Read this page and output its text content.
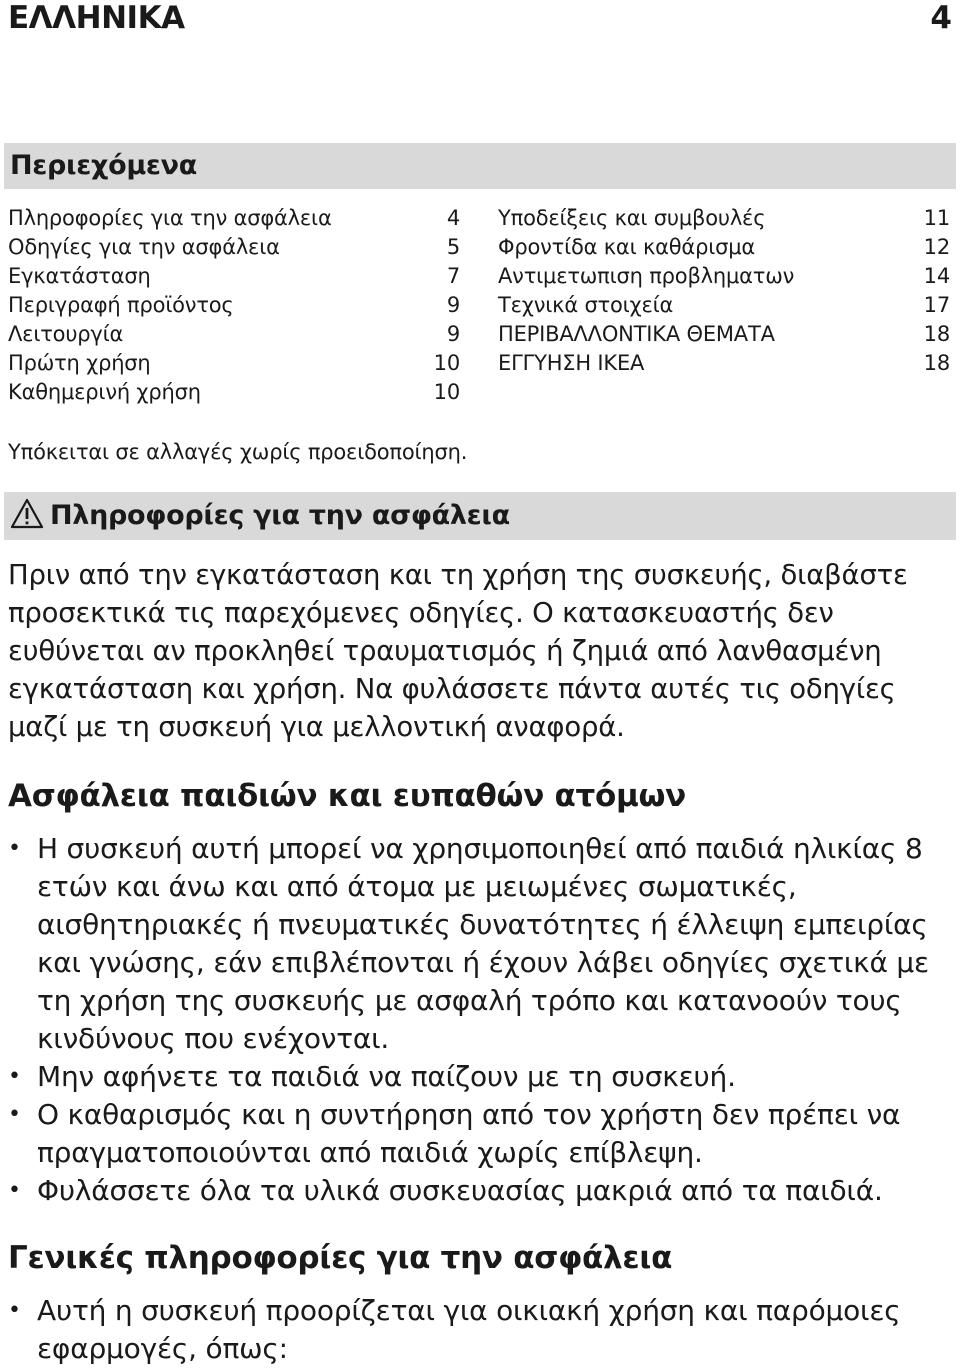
ΕΛΛΗΝΙΚΑ	4
Περιεχόμενα
Πληροφορίες για την ασφάλεια	4
Οδηγίες για την ασφάλεια	5
Εγκατάσταση	7
Περιγραφή προϊόντος	9
Λειτουργία	9
Πρώτη χρήση	10
Καθημερινή χρήση	10
Υποδείξεις και συμβουλές	11
Φροντίδα και καθάρισμα	12
Αντιμετωπιση προβληματων	14
Τεχνικά στοιχεία	17
ΠΕΡΙΒΑΛΛΟΝΤΙΚΑ ΘΕΜΑΤΑ	18
ΕΓΓΥΗΣΗ IKEA	18
Υπόκειται σε αλλαγές χωρίς προειδοποίηση.
Πληροφορίες για την ασφάλεια

Πριν από την εγκατάσταση και τη χρήση της συσκευής, διαβάστε προσεκτικά τις παρεχόμενες οδηγίες. Ο κατασκευαστής δεν ευθύνεται αν προκληθεί τραυματισμός ή ζημιά από λανθασμένη εγκατάσταση και χρήση. Να φυλάσσετε πάντα αυτές τις οδηγίες μαζί με τη συσκευή για μελλοντική αναφορά.

Ασφάλεια παιδιών και ευπαθών ατόμων
• Η συσκευή αυτή μπορεί να χρησιμοποιηθεί από παιδιά ηλικίας 8 ετών και άνω και από άτομα με μειωμένες σωματικές, αισθητηριακές ή πνευματικές δυνατότητες ή έλλειψη εμπειρίας και γνώσης, εάν επιβλέπονται ή έχουν λάβει οδηγίες σχετικά με τη χρήση της συσκευής με ασφαλή τρόπο και κατανοούν τους κινδύνους που ενέχονται.
• Μην αφήνετε τα παιδιά να παίζουν με τη συσκευή.
• Ο καθαρισμός και η συντήρηση από τον χρήστη δεν πρέπει να πραγματοποιούνται από παιδιά χωρίς επίβλεψη.
• Φυλάσσετε όλα τα υλικά συσκευασίας μακριά από τα παιδιά.
Γενικές πληροφορίες για την ασφάλεια
• Αυτή η συσκευή προορίζεται για οικιακή χρήση και παρόμοιες εφαρμογές, όπως:
